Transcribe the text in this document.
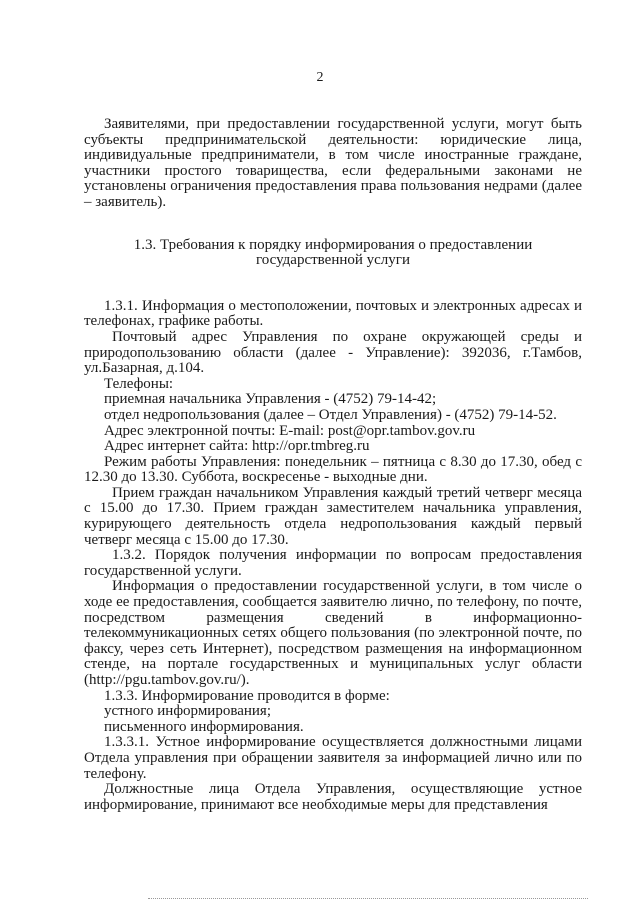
2

Заявителями, при предоставлении государственной услуги, могут быть субъекты предпринимательской деятельности: юридические лица, индивидуальные предприниматели, в том числе иностранные граждане, участники простого товарищества, если федеральными законами не установлены ограничения предоставления права пользования недрами (далее – заявитель).

1.3. Требования к порядку информирования о предоставлении
государственной услуги

1.3.1. Информация о местоположении, почтовых и электронных адресах и телефонах, графике работы.

Почтовый адрес Управления по охране окружающей среды и природопользованию области (далее - Управление): 392036, г.Тамбов, ул.Базарная, д.104.

Телефоны:

приемная начальника Управления - (4752) 79-14-42;

отдел недропользования (далее – Отдел Управления) - (4752) 79-14-52.

Адрес электронной почты: E-mail: post@opr.tambov.gov.ru

Адрес интернет сайта: http://opr.tmbreg.ru

Режим работы Управления: понедельник – пятница с 8.30 до 17.30, обед с 12.30 до 13.30. Суббота, воскресенье - выходные дни.

Прием граждан начальником Управления каждый третий четверг месяца с 15.00 до 17.30. Прием граждан заместителем начальника управления, курирующего деятельность отдела недропользования каждый первый четверг месяца с 15.00 до 17.30.

1.3.2. Порядок получения информации по вопросам предоставления государственной услуги.

Информация о предоставлении государственной услуги, в том числе о ходе ее предоставления, сообщается заявителю лично, по телефону, по почте, посредством размещения сведений в информационно-телекоммуникационных сетях общего пользования (по электронной почте, по факсу, через сеть Интернет), посредством размещения на информационном стенде, на портале государственных и муниципальных услуг области (http://pgu.tambov.gov.ru/).

1.3.3. Информирование проводится в форме:

устного информирования;

письменного информирования.

1.3.3.1. Устное информирование осуществляется должностными лицами Отдела управления при обращении заявителя за информацией лично или по телефону.

Должностные лица Отдела Управления, осуществляющие устное информирование, принимают все необходимые меры для представления
